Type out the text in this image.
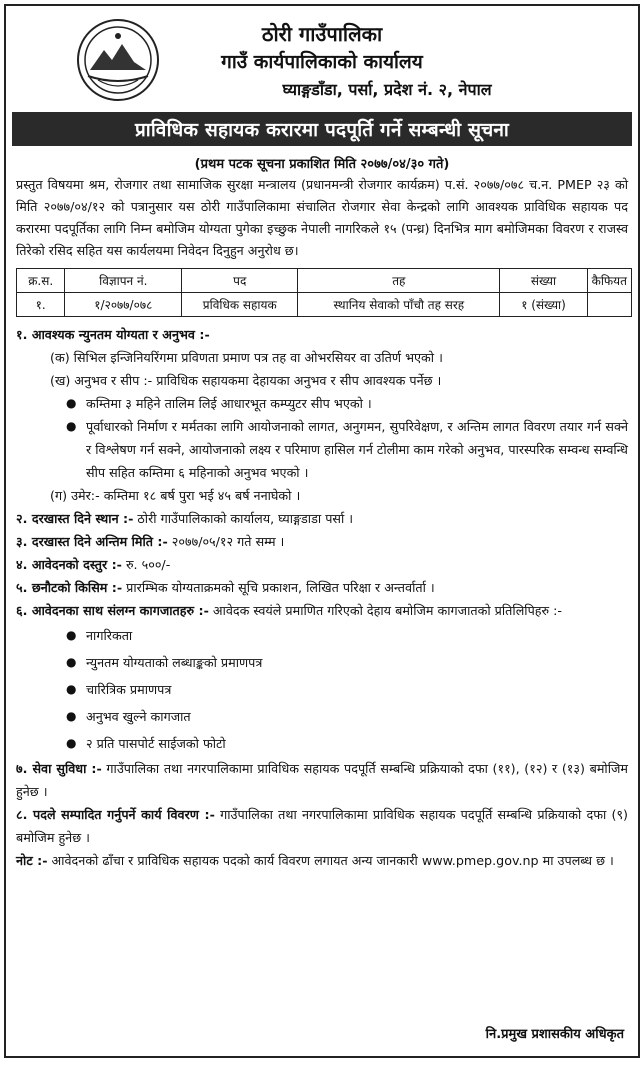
ठोरी गाउँपालिका
गाउँ कार्यपालिकाको कार्यालय
घ्याङ्गडाँडा, पर्सा, प्रदेश नं. २, नेपाल
प्राविधिक सहायक करारमा पदपूर्ति गर्ने सम्बन्धी सूचना
(प्रथम पटक सूचना प्रकाशित मिति २०७७/०४/३० गते)
प्रस्तुत विषयमा श्रम, रोजगार तथा सामाजिक सुरक्षा मन्त्रालय (प्रधानमन्त्री रोजगार कार्यक्रम) प.सं. २०७७/०७८ च.न. PMEP २३ को मिति २०७७/०४/१२ को पत्रानुसार यस ठोरी गाउँपालिकामा संचालित रोजगार सेवा केन्द्रको लागि आवश्यक प्राविधिक सहायक पद करारमा पदपूर्तिका लागि निम्न बमोजिम योग्यता पुगेका इच्छुक नेपाली नागरिकले १५ (पन्ध्र) दिनभित्र माग बमोजिमका विवरण र राजस्व तिरेको रसिद सहित यस कार्यलयमा निवेदन दिनुहुन अनुरोध छ।
क्र.स.	विज्ञापन नं.	पद	तह	संख्या	कैफियत
१.	१/२०७७/०७८	प्रविधिक सहायक	स्थानिय सेवाको पाँचौ तह सरह	१ (संख्या)	
१. आवश्यक न्युनतम योग्यता र अनुभव :-
(क) सिभिल इन्जिनियरिंगमा प्रविणता प्रमाण पत्र तह वा ओभरसियर वा उतिर्ण भएको ।
(ख) अनुभव र सीप :- प्राविधिक सहायकमा देहायका अनुभव र सीप आवश्यक पर्नेछ ।
● कम्तिमा ३ महिने तालिम लिई आधारभूत कम्प्युटर सीप भएको ।
● पूर्वाधारको निर्माण र मर्मतका लागि आयोजनाको लागत, अनुगमन, सुपरिवेक्षण, र अन्तिम लागत विवरण तयार गर्न सक्ने र विश्लेषण गर्न सक्ने, आयोजनाको लक्ष्य र परिमाण हासिल गर्न टोलीमा काम गरेको अनुभव, पारस्परिक सम्वन्ध सम्वन्धि सीप सहित कम्तिमा ६ महिनाको अनुभव भएको ।
(ग) उमेर:- कम्तिमा १८ बर्ष पुरा भई ४५ बर्ष ननाघेको ।
२. दरखास्त दिने स्थान :- ठोरी गाउँपालिकाको कार्यालय, घ्याङ्गडाडा पर्सा ।
३. दरखास्त दिने अन्तिम मिति :- २०७७/०५/१२ गते सम्म ।
४. आवेदनको दस्तुर :- रु. ५००/-
५. छनौटको किसिम :- प्रारम्भिक योग्यताक्रमको सूचि प्रकाशन, लिखित परिक्षा र अन्तर्वार्ता ।
६. आवेदनका साथ संलग्न कागजातहरु :- आवेदक स्वयंले प्रमाणित गरिएको देहाय बमोजिम कागजातको प्रतिलिपिहरु :-
● नागरिकता
● न्युनतम योग्यताको लब्धाङ्कको प्रमाणपत्र
● चारित्रिक प्रमाणपत्र
● अनुभव खुल्ने कागजात
● २ प्रति पासपोर्ट साईजको फोटो
७. सेवा सुविधा :- गाउँपालिका तथा नगरपालिकामा प्राविधिक सहायक पदपूर्ति सम्बन्धि प्रक्रियाको दफा (११), (१२) र (१३) बमोजिम हुनेछ ।
८. पदले सम्पादित गर्नुपर्ने कार्य विवरण :- गाउँपालिका तथा नगरपालिकामा प्राविधिक सहायक पदपूर्ति सम्बन्धि प्रक्रियाको दफा (९) बमोजिम हुनेछ ।
नोट :- आवेदनको ढाँचा र प्राविधिक सहायक पदको कार्य विवरण लगायत अन्य जानकारी www.pmep.gov.np मा उपलब्ध छ ।
नि.प्रमुख प्रशासकीय अधिकृत
